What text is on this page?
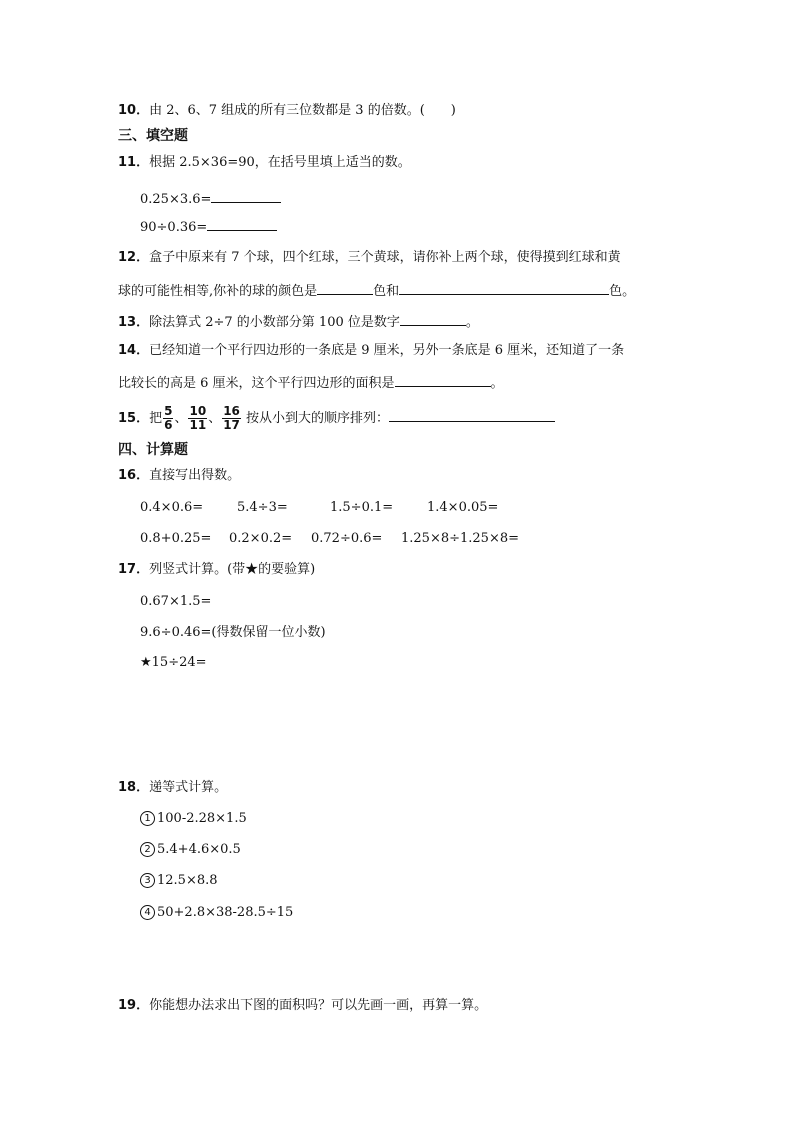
10．由 2、6、7 组成的所有三位数都是 3 的倍数。(　　)
三、填空题
11．根据 2.5×36=90，在括号里填上适当的数。
0.25×3.6=
90÷0.36=
12．盒子中原来有 7 个球，四个红球，三个黄球，请你补上两个球，使得摸到红球和黄
球的可能性相等,你补的球的颜色是	色和	色。
13．除法算式 2÷7 的小数部分第 100 位是数字	。
14．已经知道一个平行四边形的一条底是 9 厘米，另外一条底是 6 厘米，还知道了一条
比较长的高是 6 厘米，这个平行四边形的面积是	。
15．把 $\frac{5}{6}$ 、 $\frac{10}{11}$ 、 $\frac{16}{17}$ 按从小到大的顺序排列：
四、计算题
16．直接写出得数。
0.4×0.6=	5.4÷3=	1.5÷0.1=	1.4×0.05=
0.8+0.25= 0.2×0.2= 0.72÷0.6= 1.25×8÷1.25×8=
17．列竖式计算。(带★的要验算)
0.67×1.5=
9.6÷0.46=(得数保留一位小数)
★15÷24=
18．递等式计算。
1 100-2.28×1.5
2 5.4+4.6×0.5
3 12.5×8.8
4 50+2.8×38-28.5÷15
19．你能想办法求出下图的面积吗？可以先画一画，再算一算。
